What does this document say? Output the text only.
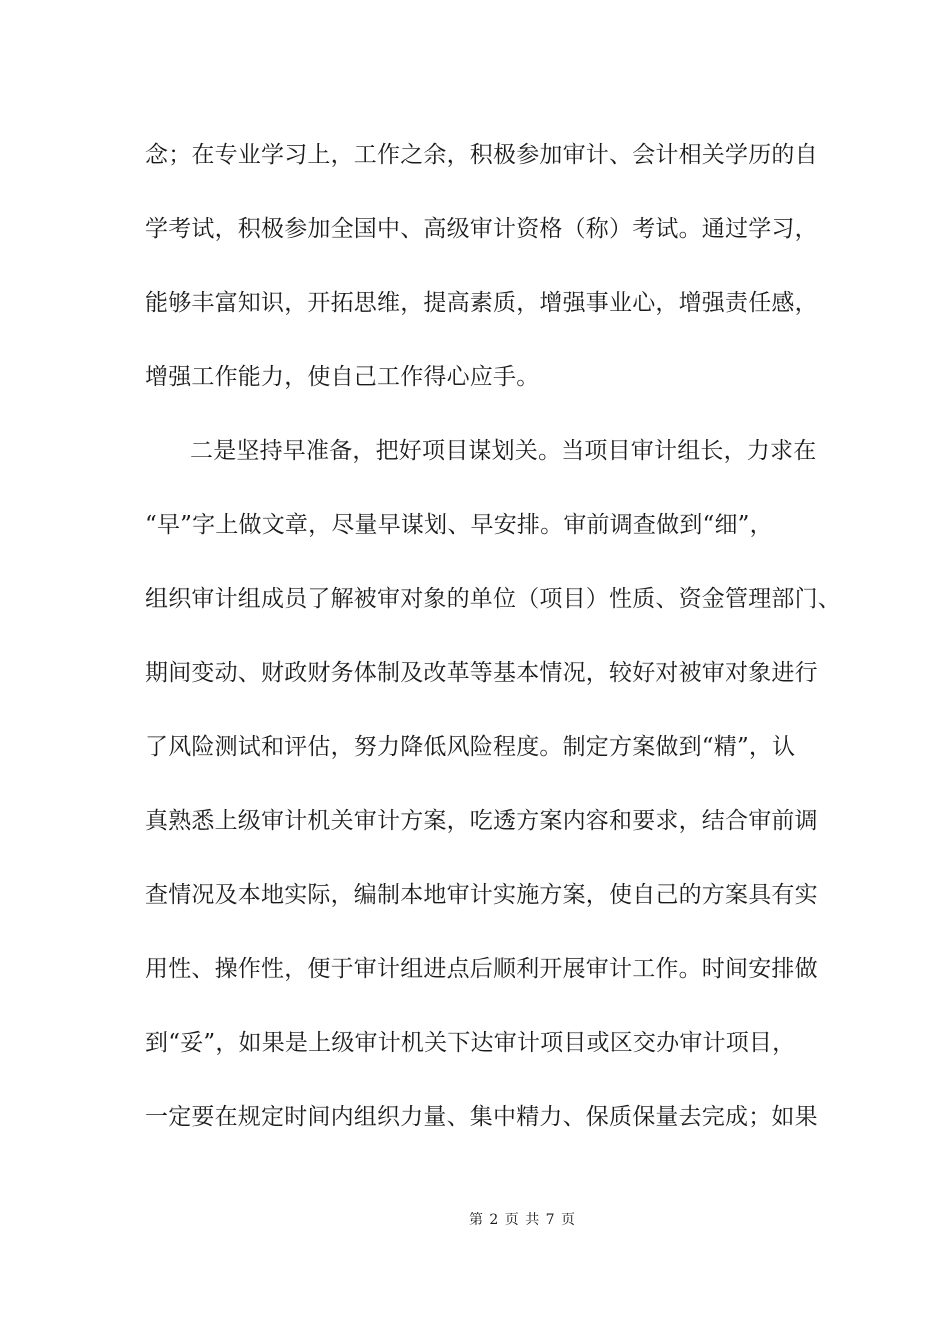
念；在专业学习上，工作之余，积极参加审计、会计相关学历的自
学考试，积极参加全国中、高级审计资格（称）考试。通过学习，
能够丰富知识，开拓思维，提高素质，增强事业心，增强责任感，
增强工作能力，使自己工作得心应手。
二是坚持早准备，把好项目谋划关。当项目审计组长，力求在
“早”字上做文章，尽量早谋划、早安排。审前调查做到“细”，
组织审计组成员了解被审对象的单位（项目）性质、资金管理部门、
期间变动、财政财务体制及改革等基本情况，较好对被审对象进行
了风险测试和评估，努力降低风险程度。制定方案做到“精”，认
真熟悉上级审计机关审计方案，吃透方案内容和要求，结合审前调
查情况及本地实际，编制本地审计实施方案，使自己的方案具有实
用性、操作性，便于审计组进点后顺利开展审计工作。时间安排做
到“妥”，如果是上级审计机关下达审计项目或区交办审计项目，
一定要在规定时间内组织力量、集中精力、保质保量去完成；如果
第 2 页 共 7 页
